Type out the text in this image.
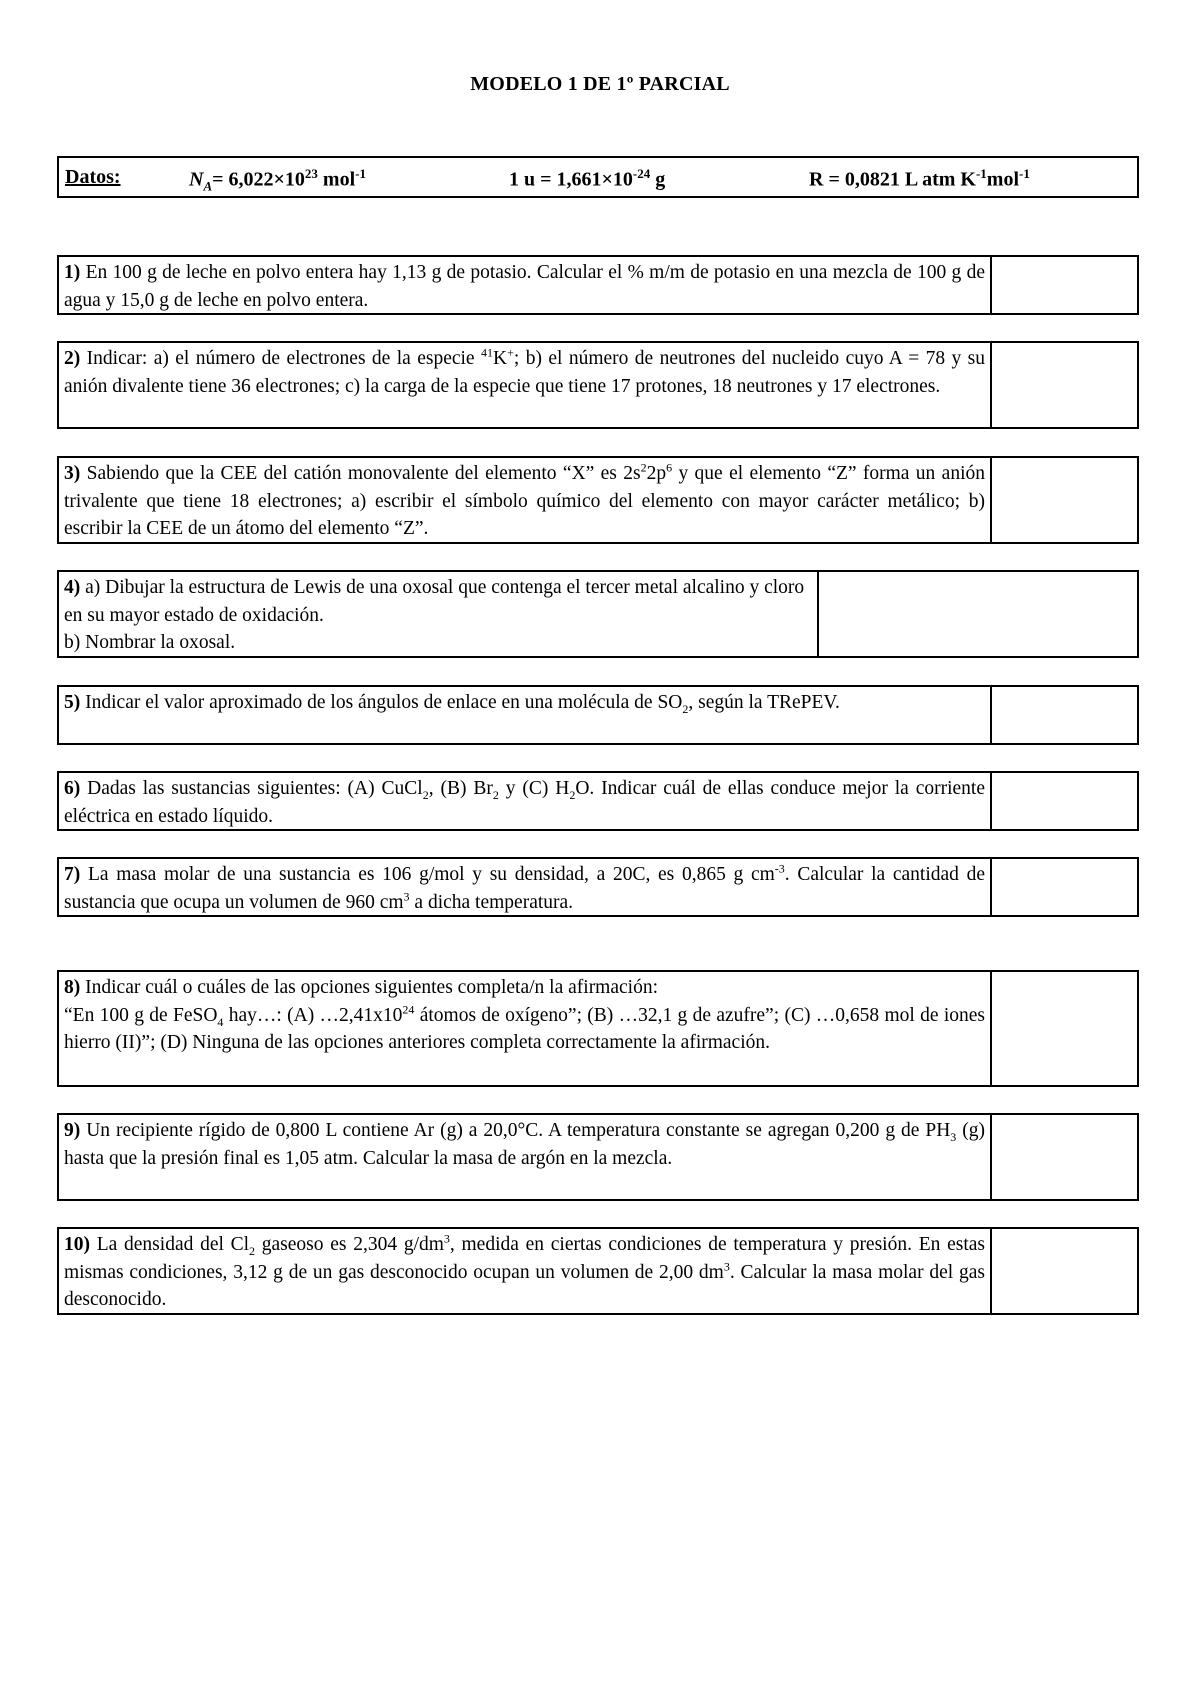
MODELO 1 DE 1º PARCIAL
Datos:	$N_A= 6,022\times 10^{23}$ mol$^{-1}$	1 $u = 1,661\times 10^{-24}$ g	R = 0,0821 L atm $K^{-1}mol^{-1}$
1) En 100 g de leche en polvo entera hay 1,13 g de potasio. Calcular el % m/m de potasio en una mezcla de 100 g de agua y 15,0 g de leche en polvo entera.
2) Indicar: a) el número de electrones de la especie $^{41}$K+; b) el número de neutrones del nucleido cuyo A = 78 y su anión divalente tiene 36 electrones; c) la carga de la especie que tiene 17 protones, 18 neutrones y 17 electrones.
3) Sabiendo que la CEE del catión monovalente del elemento “X” es $2s^22p^6$ y que el elemento “Z” forma un anión trivalente que tiene 18 electrones; a) escribir el símbolo químico del elemento con mayor carácter metálico; b) escribir la CEE de un átomo del elemento “Z”.
4) a) Dibujar la estructura de Lewis de una oxosal que contenga el tercer metal alcalino y cloro en su mayor estado de oxidación.
b) Nombrar la oxosal.
5) Indicar el valor aproximado de los ángulos de enlace en una molécula de $SO_2$, según la TRePEV.
6) Dadas las sustancias siguientes: (A) CuCl$_2$, (B) $Br_2$ y (C) $H_2O$. Indicar cuál de ellas conduce mejor la corriente eléctrica en estado líquido.
7) La masa molar de una sustancia es 106 g/mol y su densidad, a 20C, es 0,865 g $cm^{-3}$. Calcular la cantidad de sustancia que ocupa un volumen de 960 $cm^3$ a dicha temperatura.
8) Indicar cuál o cuáles de las opciones siguientes completa/n la afirmación:
“En 100 g de FeSO$_4$ hay…: (A) $\dots 2,41x10^{24}$ átomos de oxígeno”; (B) …32,1 g de azufre”; (C) …0,658 mol de iones hierro (II)”; (D) Ninguna de las opciones anteriores completa correctamente la afirmación.
9) Un recipiente rígido de 0,800 L contiene Ar (g) a 20,0°C. A temperatura constante se agregan 0,200 g de $PH_3$ (g) hasta que la presión final es 1,05 atm. Calcular la masa de argón en la mezcla.
10) La densidad del $Cl_2$ gaseoso es 2,304 $g/dm^3$, medida en ciertas condiciones de temperatura y presión. En estas mismas condiciones, 3,12 g de un gas desconocido ocupan un volumen de 2,00 $dm^3$. Calcular la masa molar del gas desconocido.
